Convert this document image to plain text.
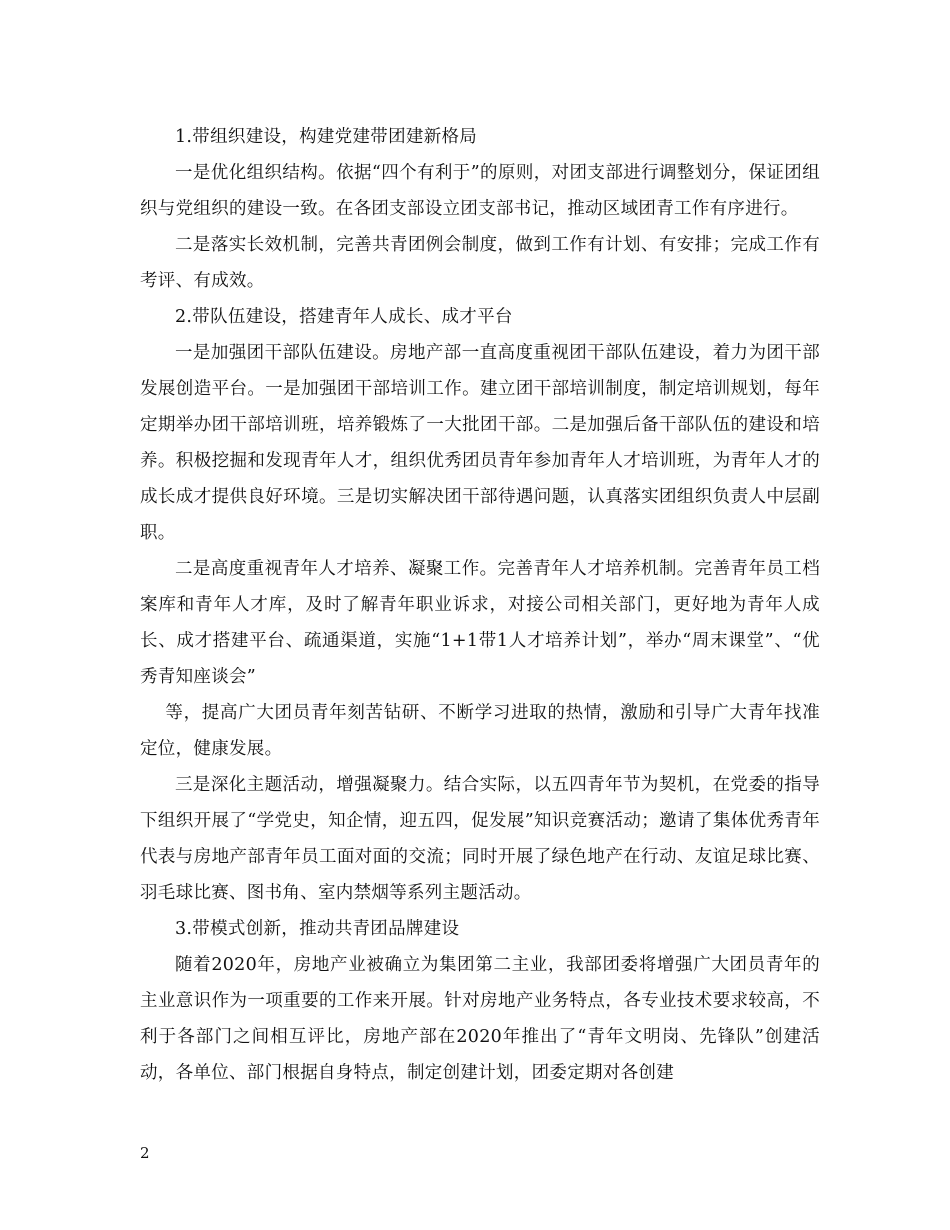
1.带组织建设，构建党建带团建新格局

一是优化组织结构。依据“四个有利于”的原则，对团支部进行调整划分，保证团组织与党组织的建设一致。在各团支部设立团支部书记，推动区域团青工作有序进行。

二是落实长效机制，完善共青团例会制度，做到工作有计划、有安排；完成工作有考评、有成效。

2.带队伍建设，搭建青年人成长、成才平台

一是加强团干部队伍建设。房地产部一直高度重视团干部队伍建设，着力为团干部发展创造平台。一是加强团干部培训工作。建立团干部培训制度，制定培训规划，每年定期举办团干部培训班，培养锻炼了一大批团干部。二是加强后备干部队伍的建设和培养。积极挖掘和发现青年人才，组织优秀团员青年参加青年人才培训班，为青年人才的成长成才提供良好环境。三是切实解决团干部待遇问题，认真落实团组织负责人中层副职。

二是高度重视青年人才培养、凝聚工作。完善青年人才培养机制。完善青年员工档案库和青年人才库，及时了解青年职业诉求，对接公司相关部门，更好地为青年人成长、成才搭建平台、疏通渠道，实施“1+1带1人才培养计划”，举办“周末课堂”、“优秀青知座谈会”

等，提高广大团员青年刻苦钻研、不断学习进取的热情，激励和引导广大青年找准定位，健康发展。

三是深化主题活动，增强凝聚力。结合实际，以五四青年节为契机，在党委的指导下组织开展了“学党史，知企情，迎五四，促发展”知识竞赛活动；邀请了集体优秀青年代表与房地产部青年员工面对面的交流；同时开展了绿色地产在行动、友谊足球比赛、羽毛球比赛、图书角、室内禁烟等系列主题活动。

3.带模式创新，推动共青团品牌建设

随着2020年，房地产业被确立为集团第二主业，我部团委将增强广大团员青年的主业意识作为一项重要的工作来开展。针对房地产业务特点，各专业技术要求较高，不利于各部门之间相互评比，房地产部在2020年推出了“青年文明岗、先锋队”创建活动，各单位、部门根据自身特点，制定创建计划，团委定期对各创建

2
